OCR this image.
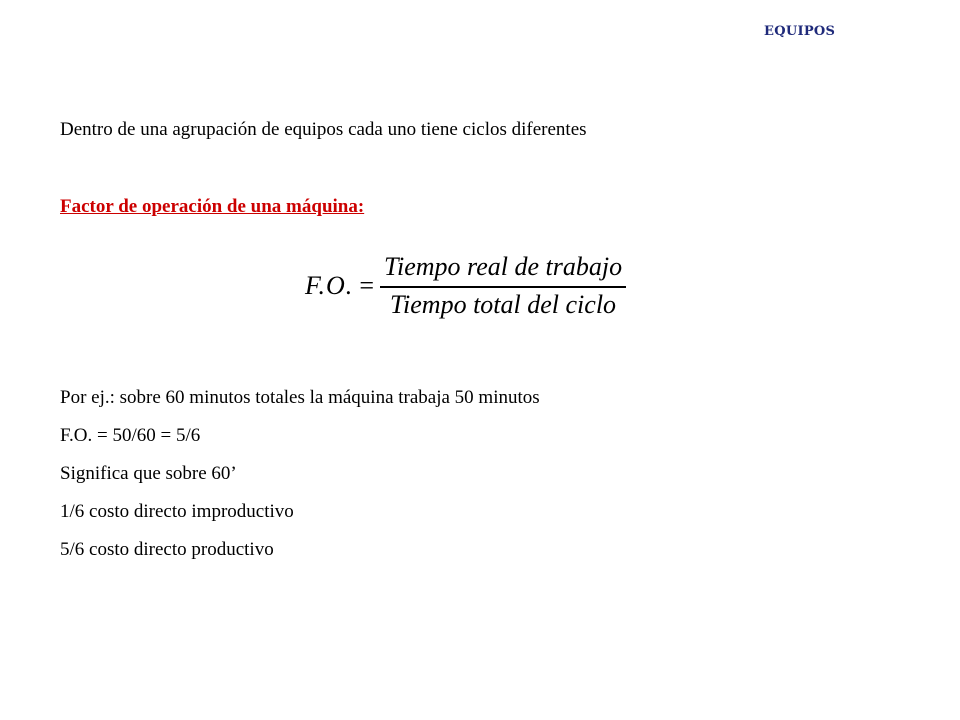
EQUIPOS
Dentro de una agrupación de equipos cada uno tiene ciclos diferentes
Factor de operación de una máquina:
F.O. = $\frac{\text{Tiempo real de trabajo}}{\text{Tiempo total del ciclo}}$
Por ej.: sobre 60 minutos totales la máquina trabaja 50 minutos
F.O. = 50/60 = 5/6
Significa que sobre 60’
1/6 costo directo improductivo
5/6 costo directo productivo
